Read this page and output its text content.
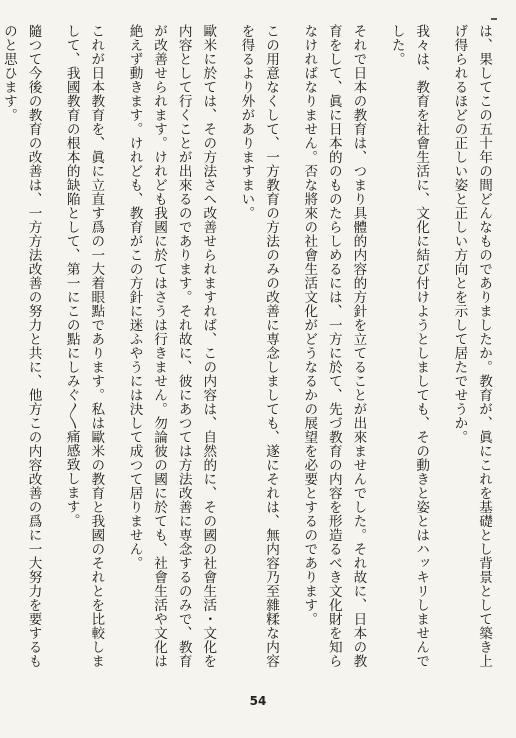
は、果してこの五十年の間どんなものでありましたか。教育が、眞にこれを基礎とし背景として築き上げ得られるほどの正しい姿と正しい方向とを示して居たでせうか。

我々は、教育を社會生活に、文化に結び付けようとしましても、その動きと姿とはハッキリしませんでした。

それで日本の教育は、つまり具體的内容的方針を立てることが出來ませんでした。それ故に、日本の教育をして、眞に日本的のものたらしめるには、一方に於て、先づ教育の内容を形造るべき文化財を知らなければなりません。否な將來の社會生活文化がどうなるかの展望を必要とするのであります。

この用意なくして、一方教育の方法のみの改善に専念しましても、遂にそれは、無内容乃至雜糅な内容を得るより外がありますまい。

歐米に於ては、その方法さへ改善せられますれば、この内容は、自然的に、その國の社會生活・文化を内容として行くことが出來るのであります。それ故に、彼にあつては方法改善に専念するのみで、教育が改善せられます。けれども我國に於てはさうは行きません。勿論彼の國に於ても、社會生活や文化は絶えず動きます。けれども、教育がこの方針に迷ふやうには決して成つて居りません。

これが日本教育を、眞に立直す爲の一大着眼點であります。私は歐米の教育と我國のそれとを比較しまして、我國教育の根本的缺陥として、第一にこの點にしみぐ〱痛感致します。

隨つて今後の教育の改善は、一方方法改善の努力と共に、他方この内容改善の爲に一大努力を要するものと思ひます。

54
